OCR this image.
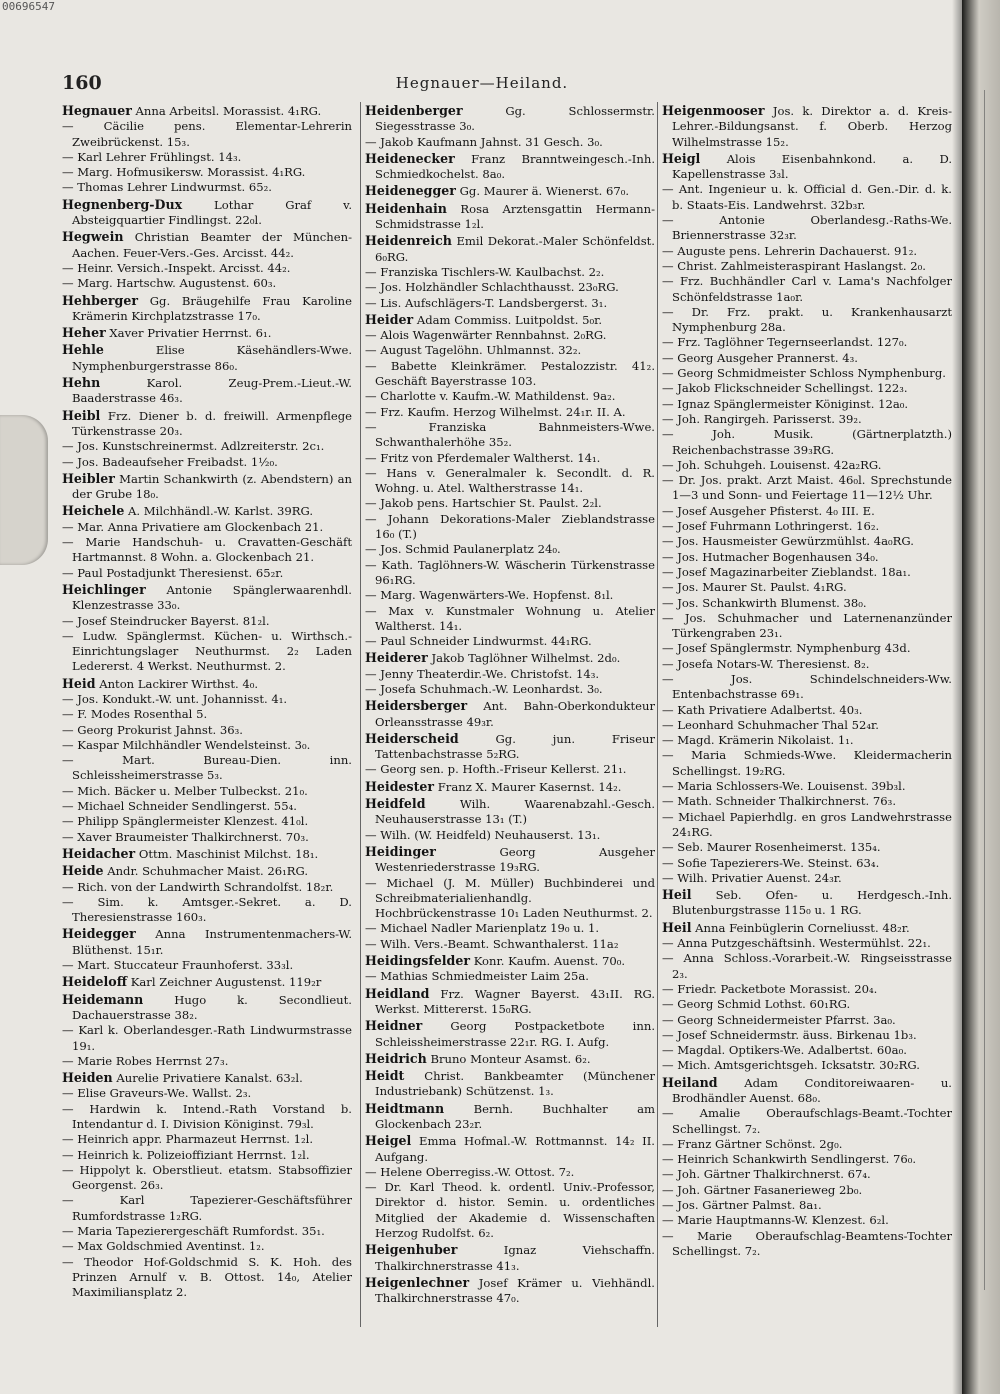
00696547
160	Hegnauer—Heiland.

Hegnauer Anna Arbeitsl. Morassist. 4₁RG.

— Cäcilie pens. Elementar-Lehrerin Zweibrückenst. 15₃.

— Karl Lehrer Frühlingst. 14₃.

— Marg. Hofmusikersw. Morassist. 4₁RG.

— Thomas Lehrer Lindwurmst. 65₂.

Hegnenberg-Dux	Lothar Graf v. Absteigquartier Findlingst. 22₀l.

Hegwein Christian Beamter der München-Aachen. Feuer-Vers.-Ges. Arcisst. 44₂.

— Heinr. Versich.-Inspekt. Arcisst. 44₂.

— Marg. Hartschw. Augustenst. 60₃.

Hehberger Gg. Bräugehilfe Frau Karoline Krämerin Kirchplatzstrasse 17₀.

Heher Xaver Privatier Herrnst. 6₁.

Hehle	Elise Käsehändlers-Wwe. Nymphenburgerstrasse 86₀.

Hehn	Karol. Zeug-Prem.-Lieut.-W. Baaderstrasse 46₃.

Heibl Frz. Diener b. d. freiwill. Armenpflege Türkenstrasse 20₃.

— Jos. Kunstschreinermst. Adlzreiterstr. 2c₁.

— Jos. Badeaufseher Freibadst. 1½₀.

Heibler Martin Schankwirth (z. Abendstern) an der Grube 18₀.

Heichele A. Milchhändl.-W. Karlst. 39RG.

— Mar. Anna Privatiere am Glockenbach 21.

— Marie Handschuh- u. Cravatten-Geschäft Hartmannst. 8 Wohn. a. Glockenbach 21.

— Paul Postadjunkt Theresienst. 65₂r.

Heichlinger Antonie Spänglerwaarenhdl. Klenzestrasse 33₀.

— Josef Steindrucker Bayerst. 81₂l.

— Ludw. Spänglermst. Küchen- u. Wirthsch.-Einrichtungslager Neuthurmst. 2₂ Laden Ledererst. 4 Werkst. Neuthurmst. 2.

Heid Anton Lackirer Wirthst. 4₀.

— Jos. Kondukt.-W. unt. Johannisst. 4₁.

— F. Modes Rosenthal 5.

— Georg Prokurist Jahnst. 36₃.

— Kaspar Milchhändler Wendelsteinst. 3₀.

— Mart. Bureau-Dien. inn. Schleissheimerstrasse 5₃.

— Mich. Bäcker u. Melber Tulbeckst. 21₀.

— Michael Schneider Sendlingerst. 55₄.

— Philipp Spänglermeister Klenzest. 41₀l.

— Xaver Braumeister Thalkirchnerst. 70₃.

Heidacher Ottm. Maschinist Milchst. 18₁.

Heide Andr. Schuhmacher Maist. 26₁RG.

— Rich. von der Landwirth Schrandolfst. 18₂r.

— Sim. k. Amtsger.-Sekret. a. D. Theresienstrasse 160₃.

Heidegger Anna Instrumentenmachers-W. Blüthenst. 15₁r.

— Mart. Stuccateur Fraunhoferst. 33₃l.

Heideloff Karl Zeichner Augustenst. 119₂r

Heidemann	Hugo k. Secondlieut. Dachauerstrasse 38₂.

— Karl k. Oberlandesger.-Rath Lindwurmstrasse 19₁.

— Marie Robes Herrnst 27₃.

Heiden Aurelie Privatiere Kanalst. 63₂l.

— Elise Graveurs-We. Wallst. 2₃.

— Hardwin k. Intend.-Rath Vorstand b. Intendantur d. I. Division Königinst. 79₃l.

— Heinrich appr. Pharmazeut Herrnst. 1₂l.

— Heinrich k. Polizeioffiziant Herrnst. 1₂l.

— Hippolyt k. Oberstlieut. etatsm. Stabsoffizier Georgenst. 26₃.

— Karl Tapezierer-Geschäftsführer Rumfordstrasse 1₂RG.

— Maria Tapezierergeschäft Rumfordst. 35₁.

— Max Goldschmied Aventinst. 1₂.

— Theodor Hof-Goldschmid S. K. Hoh. des Prinzen Arnulf v. B. Ottost. 14₀, Atelier Maximiliansplatz 2.

Heidenberger	Gg. Schlossermstr. Siegesstrasse 3₀.

— Jakob Kaufmann Jahnst. 31 Gesch. 3₀.

Heidenecker Franz Branntweingesch.-Inh. Schmiedkochelst. 8a₀.

Heidenegger Gg. Maurer ä. Wienerst. 67₀.

Heidenhain Rosa Arztensgattin Hermann-Schmidstrasse 1₂l.

Heidenreich Emil Dekorat.-Maler Schönfeldst. 6₀RG.

— Franziska Tischlers-W. Kaulbachst. 2₂.

— Jos. Holzhändler Schlachthausst. 23₀RG.

— Lis. Aufschlägers-T. Landsbergerst. 3₁.

Heider Adam Commiss. Luitpoldst. 5₀r.

— Alois Wagenwärter Rennbahnst. 2₀RG.

— August Tagelöhn. Uhlmannst. 32₂.

— Babette Kleinkrämer. Pestalozzistr. 41₂. Geschäft Bayerstrasse 103.

— Charlotte v. Kaufm.-W. Mathildenst. 9a₂.

— Frz. Kaufm. Herzog Wilhelmst. 24₁r. II. A.

— Franziska Bahnmeisters-Wwe. Schwanthalerhöhe 35₂.

— Fritz von Pferdemaler Waltherst. 14₁.

— Hans v. Generalmaler k. Secondlt. d. R. Wohng. u. Atel. Waltherstrasse 14₁.

— Jakob pens. Hartschier St. Paulst. 2₂l.

— Johann Dekorations-Maler Zieblandstrasse 16₀ (T.)

— Jos. Schmid Paulanerplatz 24₀.

— Kath. Taglöhners-W. Wäscherin Türkenstrasse 96₁RG.

— Marg. Wagenwärters-We. Hopfenst. 8₁l.

— Max v. Kunstmaler Wohnung u. Atelier Waltherst. 14₁.

— Paul Schneider Lindwurmst. 44₁RG.

Heiderer Jakob Taglöhner Wilhelmst. 2d₀.

— Jenny Theaterdir.-We. Christofst. 14₃.

— Josefa Schuhmach.-W. Leonhardst. 3₀.

Heidersberger Ant. Bahn-Oberkondukteur Orleansstrasse 49₃r.

Heiderscheid	Gg. jun. Friseur Tattenbachstrasse 5₂RG.

— Georg sen. p. Hofth.-Friseur Kellerst. 21₁.

Heidester Franz X. Maurer Kasernst. 14₂.

Heidfeld	Wilh. Waarenabzahl.-Gesch. Neuhauserstrasse 13₁ (T.)

— Wilh. (W. Heidfeld) Neuhauserst. 13₁.

Heidinger	Georg Ausgeher Westenriederstrasse 19₃RG.

— Michael (J. M. Müller) Buchbinderei und Schreibmaterialienhandlg. Hochbrückenstrasse 10₁ Laden Neuthurmst. 2.

— Michael Nadler Marienplatz 19₀ u. 1.

— Wilh. Vers.-Beamt. Schwanthalerst. 11a₂

Heidingsfelder Konr. Kaufm. Auenst. 70₀.

— Mathias Schmiedmeister Laim 25a.

Heidland Frz. Wagner Bayerst. 43₁II. RG. Werkst. Mittererst. 15₀RG.

Heidner Georg Postpacketbote inn. Schleissheimerstrasse 22₁r. RG. I. Aufg.

Heidrich Bruno Monteur Asamst. 6₂.

Heidt Christ. Bankbeamter (Münchener Industriebank) Schützenst. 1₃.

Heidtmann	Bernh. Buchhalter am Glockenbach 23₂r.

Heigel Emma Hofmal.-W. Rottmannst. 14₂ II. Aufgang.

— Helene Oberregiss.-W. Ottost. 7₂.

— Dr. Karl Theod. k. ordentl. Univ.-Professor, Direktor d. histor. Semin. u. ordentliches Mitglied der Akademie d. Wissenschaften Herzog Rudolfst. 6₂.

Heigenhuber	Ignaz Viehschaffn. Thalkirchnerstrasse 41₃.

Heigenlechner Josef Krämer u. Viehhändl. Thalkirchnerstrasse 47₀.

Heigenmooser Jos. k. Direktor a. d. Kreis-Lehrer.-Bildungsanst. f. Oberb. Herzog Wilhelmstrasse 15₂.

Heigl Alois Eisenbahnkond. a. D. Kapellenstrasse 3₃l.

— Ant. Ingenieur u. k. Official d. Gen.-Dir. d. k. b. Staats-Eis. Landwehrst. 32b₃r.

— Antonie Oberlandesg.-Raths-We. Briennerstrasse 32₃r.

— Auguste pens. Lehrerin Dachauerst. 91₂.

— Christ. Zahlmeisteraspirant Haslangst. 2₀.

— Frz. Buchhändler Carl v. Lama's Nachfolger Schönfeldstrasse 1a₀r.

— Dr. Frz. prakt. u. Krankenhausarzt Nymphenburg 28a.

— Frz. Taglöhner Tegernseerlandst. 127₀.

— Georg Ausgeher Prannerst. 4₃.

— Georg Schmidmeister Schloss Nymphenburg.

— Jakob Flickschneider Schellingst. 122₃.

— Ignaz Spänglermeister Königinst. 12a₀.

— Joh. Rangirgeh. Parisserst. 39₂.

— Joh. Musik. (Gärtnerplatzth.) Reichenbachstrasse 39₃RG.

— Joh. Schuhgeh. Louisenst. 42a₂RG.

— Dr. Jos. prakt. Arzt Maist. 46₀l. Sprechstunde 1—3 und Sonn- und Feiertage 11—12½ Uhr.

— Josef Ausgeher Pfisterst. 4₀ III. E.

— Josef Fuhrmann Lothringerst. 16₂.

— Jos. Hausmeister Gewürzmühlst. 4a₀RG.

— Jos. Hutmacher Bogenhausen 34₀.

— Josef Magazinarbeiter Zieblandst. 18a₁.

— Jos. Maurer St. Paulst. 4₁RG.

— Jos. Schankwirth Blumenst. 38₀.

— Jos. Schuhmacher und Laternenanzünder Türkengraben 23₁.

— Josef Spänglermstr. Nymphenburg 43d.

— Josefa Notars-W. Theresienst. 8₂.

— Jos. Schindelschneiders-Ww. Entenbachstrasse 69₁.

— Kath Privatiere Adalbertst. 40₃.

— Leonhard Schuhmacher Thal 52₄r.

— Magd. Krämerin Nikolaist. 1₁.

— Maria Schmieds-Wwe. Kleidermacherin Schellingst. 19₂RG.

— Maria Schlossers-We. Louisenst. 39b₃l.

— Math. Schneider Thalkirchnerst. 76₃.

— Michael Papierhdlg. en gros Landwehrstrasse 24₁RG.

— Seb. Maurer Rosenheimerst. 135₄.

— Sofie Tapezierers-We. Steinst. 63₄.

— Wilh. Privatier Auenst. 24₃r.

Heil Seb. Ofen- u. Herdgesch.-Inh. Blutenburgstrasse 115₀ u. 1 RG.

Heil Anna Feinbüglerin Corneliusst. 48₂r.

— Anna Putzgeschäftsinh. Westermühlst. 22₁.

— Anna Schloss.-Vorarbeit.-W. Ringseisstrasse 2₃.

— Friedr. Packetbote Morassist. 20₄.

— Georg Schmid Lothst. 60₁RG.

— Georg Schneidermeister Pfarrst. 3a₀.

— Josef Schneidermstr. äuss. Birkenau 1b₃.

— Magdal. Optikers-We. Adalbertst. 60a₀.

— Mich. Amtsgerichtsgeh. Icksatstr. 30₂RG.

Heiland Adam Conditoreiwaaren- u. Brodhändler Auenst. 68₀.

— Amalie Oberaufschlags-Beamt.-Tochter Schellingst. 7₂.

— Franz Gärtner Schönst. 2g₀.

— Heinrich Schankwirth Sendlingerst. 76₀.

— Joh. Gärtner Thalkirchnerst. 67₄.

— Joh. Gärtner Fasanerieweg 2b₀.

— Jos. Gärtner Palmst. 8a₁.

— Marie Hauptmanns-W. Klenzest. 6₂l.

— Marie Oberaufschlag-Beamtens-Tochter Schellingst. 7₂.
